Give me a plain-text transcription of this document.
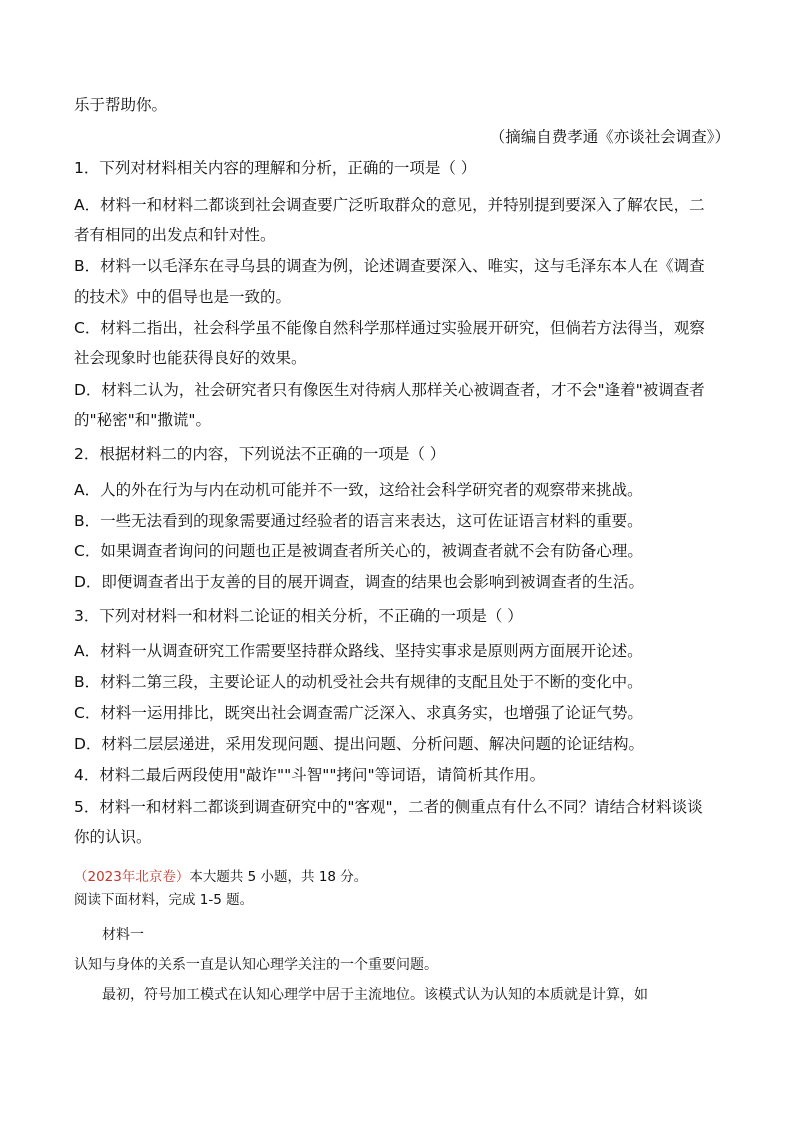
乐于帮助你。
（摘编自费孝通《亦谈社会调查》）
1．下列对材料相关内容的理解和分析，正确的一项是（ ）
A．材料一和材料二都谈到社会调查要广泛听取群众的意见，并特别提到要深入了解农民，二
者有相同的出发点和针对性。
B．材料一以毛泽东在寻乌县的调查为例，论述调查要深入、唯实，这与毛泽东本人在《调查
的技术》中的倡导也是一致的。
C．材料二指出，社会科学虽不能像自然科学那样通过实验展开研究，但倘若方法得当，观察
社会现象时也能获得良好的效果。
D．材料二认为，社会研究者只有像医生对待病人那样关心被调查者，才不会"逢着"被调查者
的"秘密"和"撒谎"。
2．根据材料二的内容，下列说法不正确的一项是（ ）
A．人的外在行为与内在动机可能并不一致，这给社会科学研究者的观察带来挑战。
B．一些无法看到的现象需要通过经验者的语言来表达，这可佐证语言材料的重要。
C．如果调查者询问的问题也正是被调查者所关心的，被调查者就不会有防备心理。
D．即便调查者出于友善的目的展开调查，调查的结果也会影响到被调查者的生活。
3．下列对材料一和材料二论证的相关分析，不正确的一项是（ ）
A．材料一从调查研究工作需要坚持群众路线、坚持实事求是原则两方面展开论述。
B．材料二第三段，主要论证人的动机受社会共有规律的支配且处于不断的变化中。
C．材料一运用排比，既突出社会调查需广泛深入、求真务实，也增强了论证气势。
D．材料二层层递进，采用发现问题、提出问题、分析问题、解决问题的论证结构。
4．材料二最后两段使用"敲诈""斗智""拷问"等词语，请简析其作用。
5．材料一和材料二都谈到调查研究中的"客观"，二者的侧重点有什么不同？请结合材料谈谈
你的认识。
（2023年北京卷）本大题共 5 小题，共 18 分。
阅读下面材料，完成 1-5 题。
材料一
认知与身体的关系一直是认知心理学关注的一个重要问题。
最初，符号加工模式在认知心理学中居于主流地位。该模式认为认知的本质就是计算，如
